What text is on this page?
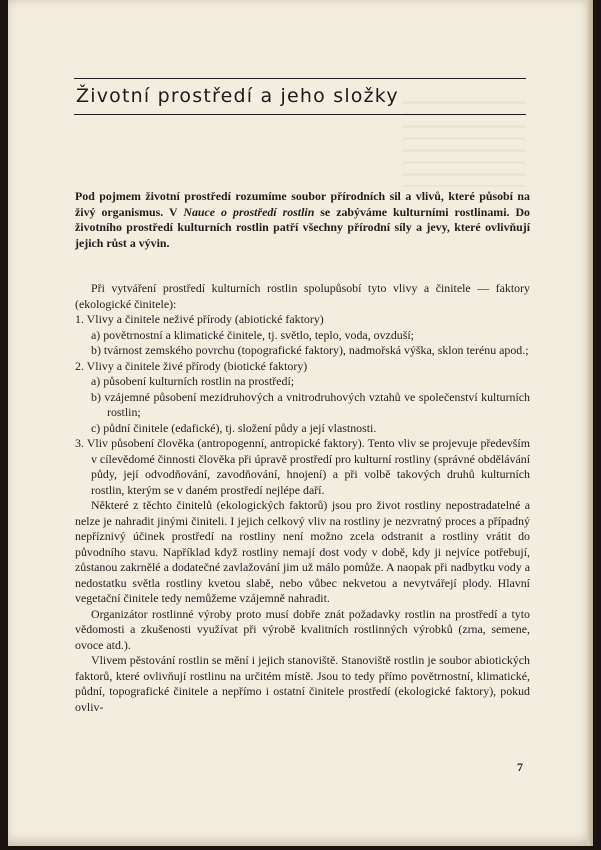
Životní prostředí a jeho složky

Pod pojmem životní prostředí rozumíme soubor přírodních sil a vlivů, které působí na živý organismus. V Nauce o prostředí rostlin se zabýváme kulturními rostlinami. Do životního prostředí kulturních rostlin patří všechny přírodní síly a jevy, které ovlivňují jejich růst a vývin.

Při vytváření prostředí kulturních rostlin spolupůsobí tyto vlivy a činitele — faktory (ekologické činitele):

1. Vlivy a činitele neživé přírody (abiotické faktory)

a) povětrnostní a klimatické činitele, tj. světlo, teplo, voda, ovzduší;

b) tvárnost zemského povrchu (topografické faktory), nadmořská výška, sklon terénu apod.;

2. Vlivy a činitele živé přírody (biotické faktory)

a) působení kulturních rostlin na prostředí;

b) vzájemné působení mezidruhových a vnitrodruhových vztahů ve společenství kulturních rostlin;

c) půdní činitele (edafické), tj. složení půdy a její vlastnosti.

3. Vliv působení člověka (antropogenní, antropické faktory). Tento vliv se projevuje především v cílevědomé činnosti člověka při úpravě prostředí pro kulturní rostliny (správné obdělávání půdy, její odvodňování, zavodňování, hnojení) a při volbě takových druhů kulturních rostlin, kterým se v daném prostředí nejlépe daří.

Některé z těchto činitelů (ekologických faktorů) jsou pro život rostliny nepostradatelné a nelze je nahradit jinými činiteli. I jejich celkový vliv na rostliny je nezvratný proces a případný nepříznivý účinek prostředí na rostliny není možno zcela odstranit a rostliny vrátit do původního stavu. Například když rostliny nemají dost vody v době, kdy ji nejvíce potřebují, zůstanou zakrnělé a dodatečné zavlažování jim už málo pomůže. A naopak při nadbytku vody a nedostatku světla rostliny kvetou slabě, nebo vůbec nekvetou a nevytvářejí plody. Hlavní vegetační činitele tedy nemůžeme vzájemně nahradit.

Organizátor rostlinné výroby proto musí dobře znát požadavky rostlin na prostředí a tyto vědomosti a zkušenosti využívat při výrobě kvalitních rostlinných výrobků (zrna, semene, ovoce atd.).

Vlivem pěstování rostlin se mění i jejich stanoviště. Stanoviště rostlin je soubor abiotických faktorů, které ovlivňují rostlinu na určitém místě. Jsou to tedy přímo povětrnostní, klimatické, půdní, topografické činitele a nepřímo i ostatní činitele prostředí (ekologické faktory), pokud ovliv-

7
